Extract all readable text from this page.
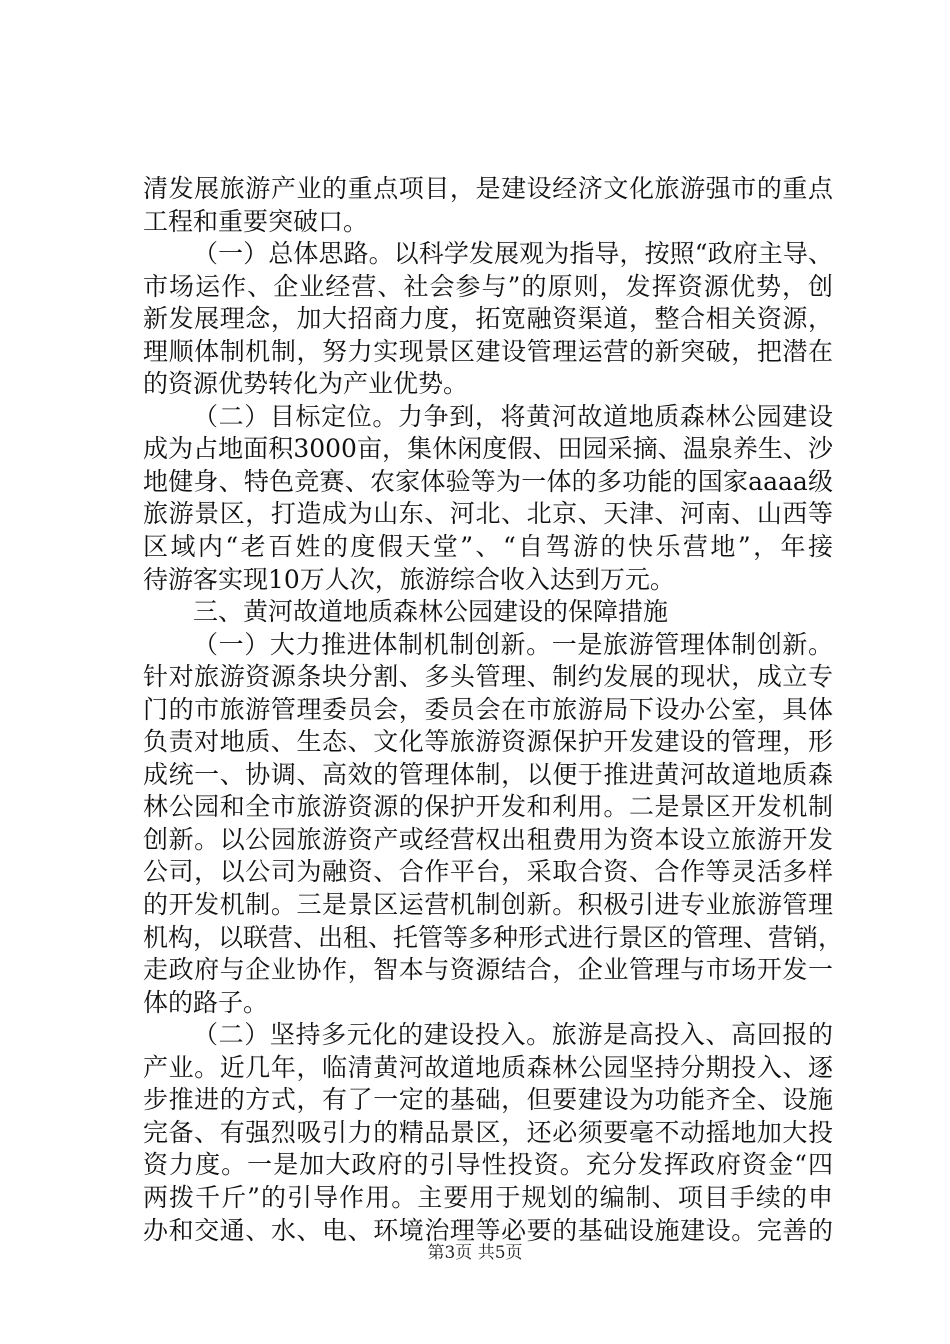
清发展旅游产业的重点项目，是建设经济文化旅游强市的重点
工程和重要突破口。
（一）总体思路。以科学发展观为指导，按照“政府主导、
市场运作、企业经营、社会参与”的原则，发挥资源优势，创
新发展理念，加大招商力度，拓宽融资渠道，整合相关资源，
理顺体制机制，努力实现景区建设管理运营的新突破，把潜在
的资源优势转化为产业优势。
（二）目标定位。力争到，将黄河故道地质森林公园建设
成为占地面积3000亩，集休闲度假、田园采摘、温泉养生、沙
地健身、特色竞赛、农家体验等为一体的多功能的国家aaaa级
旅游景区，打造成为山东、河北、北京、天津、河南、山西等
区域内“老百姓的度假天堂”、“自驾游的快乐营地”，年接
待游客实现10万人次，旅游综合收入达到万元。
三、黄河故道地质森林公园建设的保障措施
（一）大力推进体制机制创新。一是旅游管理体制创新。
针对旅游资源条块分割、多头管理、制约发展的现状，成立专
门的市旅游管理委员会，委员会在市旅游局下设办公室，具体
负责对地质、生态、文化等旅游资源保护开发建设的管理，形
成统一、协调、高效的管理体制，以便于推进黄河故道地质森
林公园和全市旅游资源的保护开发和利用。二是景区开发机制
创新。以公园旅游资产或经营权出租费用为资本设立旅游开发
公司，以公司为融资、合作平台，采取合资、合作等灵活多样
的开发机制。三是景区运营机制创新。积极引进专业旅游管理
机构，以联营、出租、托管等多种形式进行景区的管理、营销，
走政府与企业协作，智本与资源结合，企业管理与市场开发一
体的路子。
（二）坚持多元化的建设投入。旅游是高投入、高回报的
产业。近几年，临清黄河故道地质森林公园坚持分期投入、逐
步推进的方式，有了一定的基础，但要建设为功能齐全、设施
完备、有强烈吸引力的精品景区，还必须要毫不动摇地加大投
资力度。一是加大政府的引导性投资。充分发挥政府资金“四
两拨千斤”的引导作用。主要用于规划的编制、项目手续的申
办和交通、水、电、环境治理等必要的基础设施建设。完善的
第3页 共5页
